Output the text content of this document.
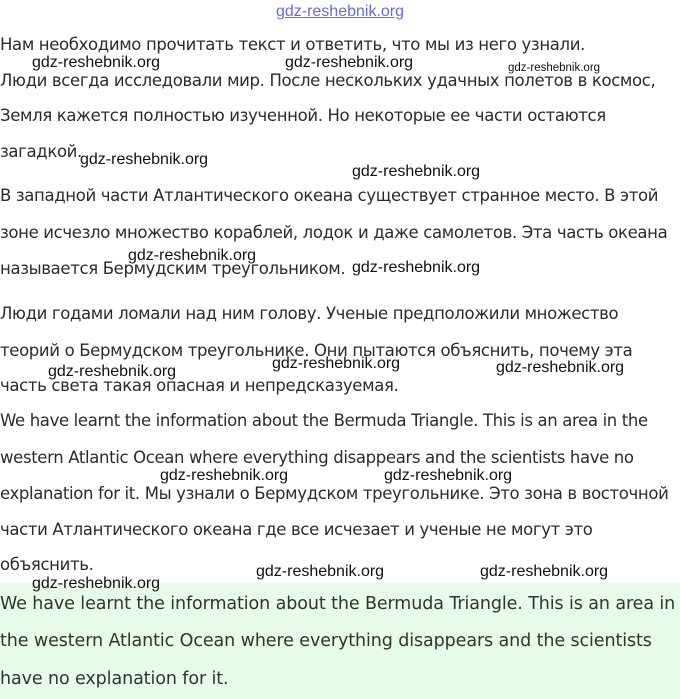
gdz-reshebnik.org
Нам необходимо прочитать текст и ответить, что мы из него узнали.
Люди всегда исследовали мир. После нескольких удачных полетов в космос,
Земля кажется полностью изученной. Но некоторые ее части остаются
загадкой.
В западной части Атлантического океана существует странное место. В этой
зоне исчезло множество кораблей, лодок и даже самолетов. Эта часть океана
называется Бермудским треугольником.
Люди годами ломали над ним голову. Ученые предположили множество
теорий о Бермудском треугольнике. Они пытаются объяснить, почему эта
часть света такая опасная и непредсказуемая.
We have learnt the information about the Bermuda Triangle. This is an area in the
western Atlantic Ocean where everything disappears and the scientists have no
explanation for it. Мы узнали о Бермудском треугольнике. Это зона в восточной
части Атлантического океана где все исчезает и ученые не могут это
объяснить.
We have learnt the information about the Bermuda Triangle. This is an area in
the western Atlantic Ocean where everything disappears and the scientists
have no explanation for it.
gdz-reshebnik.org	gdz-reshebnik.org	gdz-reshebnik.org
gdz-reshebnik.org
gdz-reshebnik.org
gdz-reshebnik.org
gdz-reshebnik.org
gdz-reshebnik.org
gdz-reshebnik.org	gdz-reshebnik.org
gdz-reshebnik.org	gdz-reshebnik.org
gdz-reshebnik.org	gdz-reshebnik.org
gdz-reshebnik.org
